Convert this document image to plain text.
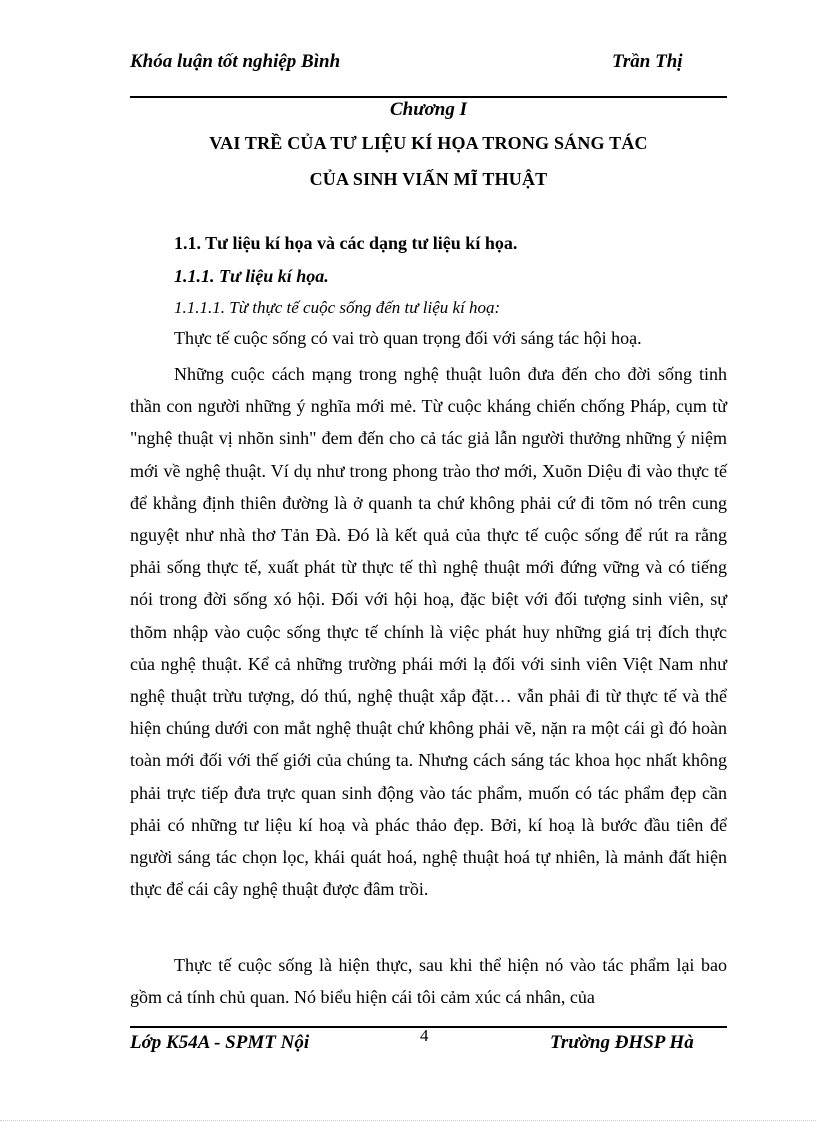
Khóa luận tốt nghiệp Bình	Trần Thị
Chương I
VAI TRỀ CỦA TƯ LIỆU KÍ HỌA TRONG SÁNG TÁC
CỦA SINH VIẤN MĨ THUẬT
1.1. Tư liệu kí họa và các dạng tư liệu kí họa.
1.1.1. Tư liệu kí họa.
1.1.1.1. Từ thực tế cuộc sống đến tư liệu kí hoạ:
Thực tế cuộc sống có vai trò quan trọng đối với sáng tác hội hoạ.

Những cuộc cách mạng trong nghệ thuật luôn đưa đến cho đời sống tinh thần con người những ý nghĩa mới mẻ. Từ cuộc kháng chiến chống Pháp, cụm từ "nghệ thuật vị nhõn sinh" đem đến cho cả tác giả lẫn người thưởng những ý niệm mới về nghệ thuật. Ví dụ như trong phong trào thơ mới, Xuõn Diệu đi vào thực tế để khẳng định thiên đường là ở quanh ta chứ không phải cứ đi tõm nó trên cung nguyệt như nhà thơ Tản Đà. Đó là kết quả của thực tế cuộc sống để rút ra rằng phải sống thực tế, xuất phát từ thực tế thì nghệ thuật mới đứng vững và có tiếng nói trong đời sống xó hội. Đối với hội hoạ, đặc biệt với đối tượng sinh viên, sự thõm nhập vào cuộc sống thực tế chính là việc phát huy những giá trị đích thực của nghệ thuật. Kể cả những trường phái mới lạ đối với sinh viên Việt Nam như nghệ thuật trừu tượng, dó thú, nghệ thuật xắp đặt… vẫn phải đi từ thực tế và thể hiện chúng dưới con mắt nghệ thuật chứ không phải vẽ, nặn ra một cái gì đó hoàn toàn mới đối với thế giới của chúng ta. Nhưng cách sáng tác khoa học nhất không phải trực tiếp đưa trực quan sinh động vào tác phẩm, muốn có tác phẩm đẹp cần phải có những tư liệu kí hoạ và phác thảo đẹp. Bởi, kí hoạ là bước đầu tiên để người sáng tác chọn lọc, khái quát hoá, nghệ thuật hoá tự nhiên, là mảnh đất hiện thực để cái cây nghệ thuật được đâm trồi.

Thực tế cuộc sống là hiện thực, sau khi thể hiện nó vào tác phẩm lại bao gồm cả tính chủ quan. Nó biểu hiện cái tôi cảm xúc cá nhân, của

Lớp K54A - SPMT Nội	4	Trường ĐHSP Hà
